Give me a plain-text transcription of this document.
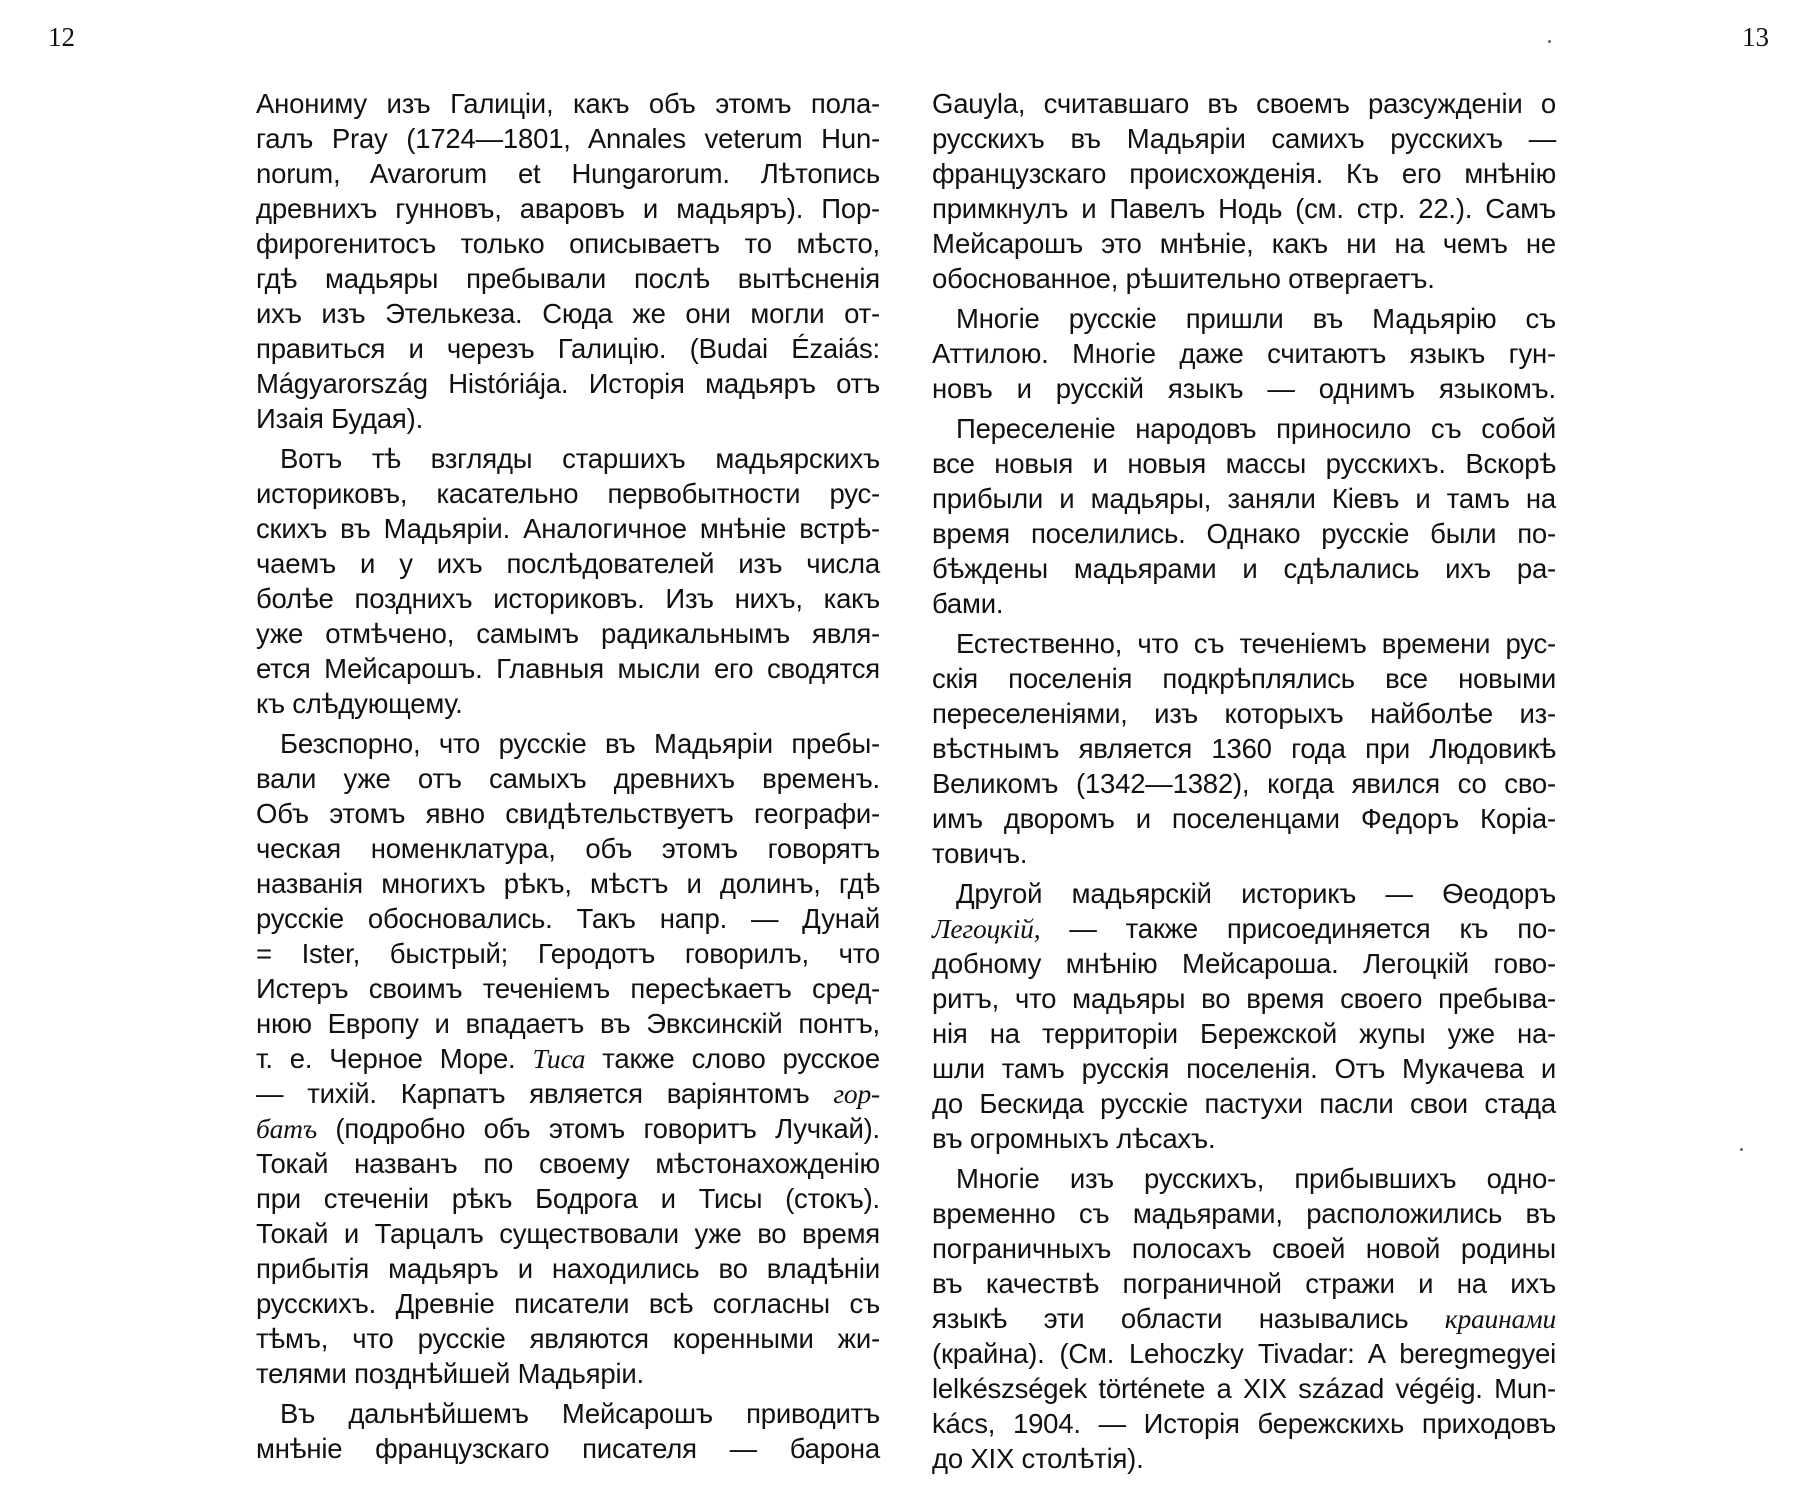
12	13
Анониму изъ Галиціи, какъ объ этомъ пола-
галъ Pray (1724—1801, Annales veterum Hun-
norum, Avarorum et Hungarorum. Лѣтопись
древнихъ гунновъ, аваровъ и мадьяръ). Пор-
фирогенитосъ только описываетъ то мѣсто,
гдѣ мадьяры пребывали послѣ вытѣсненія
ихъ изъ Этелькеза. Сюда же они могли от-
правиться и черезъ Галицію. (Budai Ézaiás:
Mágyarország Históriája. Исторія мадьяръ отъ
Изаія Будая).
Вотъ тѣ взгляды старшихъ мадьярскихъ
историковъ, касательно первобытности рус-
скихъ въ Мадьяріи. Аналогичное мнѣніе встрѣ-
чаемъ и у ихъ послѣдователей изъ числа
болѣе позднихъ историковъ. Изъ нихъ, какъ
уже отмѣчено, самымъ радикальнымъ явля-
ется Мейсарошъ. Главныя мысли его сводятся
къ слѣдующему.
Безспорно, что русскіе въ Мадьяріи пребы-
вали уже отъ самыхъ древнихъ временъ.
Объ этомъ явно свидѣтельствуетъ географи-
ческая номенклатура, объ этомъ говорятъ
названія многихъ рѣкъ, мѣстъ и долинъ, гдѣ
русскіе обосновались. Такъ напр. — Дунай
= Ister, быстрый; Геродотъ говорилъ, что
Истеръ своимъ теченіемъ пересѣкаетъ сред-
нюю Европу и впадаетъ въ Эвксинскій понтъ,
т. е. Черное Море. Тиса также слово русское
— тихій. Карпатъ является варіянтомъ гор-
батъ (подробно объ этомъ говоритъ Лучкай).
Токай названъ по своему мѣстонахожденію
при стеченіи рѣкъ Бодрога и Тисы (стокъ).
Токай и Тарцалъ существовали уже во время
прибытія мадьяръ и находились во владѣніи
русскихъ. Древніе писатели всѣ согласны съ
тѣмъ, что русскіе являются коренными жи-
телями позднѣйшей Мадьяріи.
Въ дальнѣйшемъ Мейсарошъ приводитъ
мнѣніе французскаго писателя — барона
Gauyla, считавшаго въ своемъ разсужденіи о
русскихъ въ Мадьяріи самихъ русскихъ —
французскаго происхожденія. Къ его мнѣнію
примкнулъ и Павелъ Нодь (см. стр. 22.). Самъ
Мейсарошъ это мнѣніе, какъ ни на чемъ не
обоснованное, рѣшительно отвергаетъ.
Многіе русскіе пришли въ Мадьярію съ
Аттилою. Многіе даже считаютъ языкъ гун-
новъ и русскій языкъ — однимъ языкомъ.
Переселеніе народовъ приносило съ собой
все новыя и новыя массы русскихъ. Вскорѣ
прибыли и мадьяры, заняли Кіевъ и тамъ на
время поселились. Однако русскіе были по-
бѣждены мадьярами и сдѣлались ихъ ра-
бами.
Естественно, что съ теченіемъ времени рус-
скія поселенія подкрѣплялись все новыми
переселеніями, изъ которыхъ найболѣе из-
вѣстнымъ является 1360 года при Людовикѣ
Великомъ (1342—1382), когда явился со сво-
имъ дворомъ и поселенцами Федоръ Коріа-
товичъ.
Другой мадьярскій историкъ — Ѳеодоръ
Легоцкій, — также присоединяется къ по-
добному мнѣнію Мейсароша. Легоцкій гово-
ритъ, что мадьяры во время своего пребыва-
нія на территоріи Бережской жупы уже на-
шли тамъ русскія поселенія. Отъ Мукачева и
до Бескида русскіе пастухи пасли свои стада
въ огромныхъ лѣсахъ.
Многіе изъ русскихъ, прибывшихъ одно-
временно съ мадьярами, расположились въ
пограничныхъ полосахъ своей новой родины
въ качествѣ пограничной стражи и на ихъ
языкѣ эти области назывались краинами
(крайна). (См. Lehoczky Tivadar: A beregmegyei
lelkészségek története a XIX század végéig. Mun-
kács, 1904. — Исторія бережскихь приходовъ
до XIX столѣтія).
